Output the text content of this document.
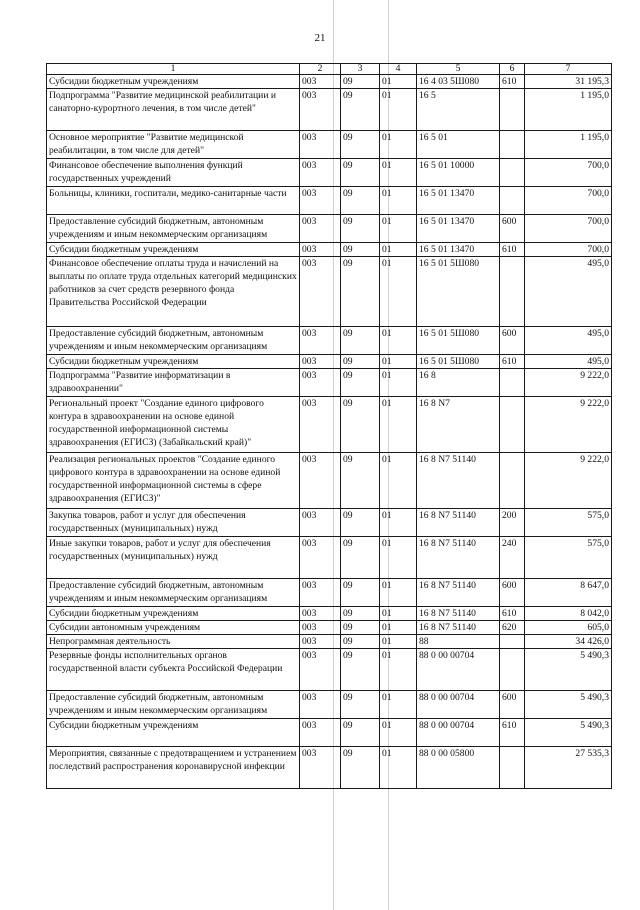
21
1	2	3	4	5	6	7
Субсидии бюджетным учреждениям	003	09	01	16 4 03 5Ш080	610	31 195,3
Подпрограмма "Развитие медицинской реабилитации и санаторно-курортного лечения, в том числе детей"	003	09	01	16 5		1 195,0
Основное мероприятие "Развитие медицинской реабилитации, в том числе для детей"	003	09	01	16 5 01		1 195,0
Финансовое обеспечение выполнения функций государственных учреждений	003	09	01	16 5 01 10000		700,0
Больницы, клиники, госпитали, медико-санитарные части	003	09	01	16 5 01 13470		700,0
Предоставление субсидий бюджетным, автономным учреждениям и иным некоммерческим организациям	003	09	01	16 5 01 13470	600	700,0
Субсидии бюджетным учреждениям	003	09	01	16 5 01 13470	610	700,0
Финансовое обеспечение оплаты труда и начислений на выплаты по оплате труда отдельных категорий медицинских работников за счет средств резервного фонда Правительства Российской Федерации	003	09	01	16 5 01 5Ш080		495,0
Предоставление субсидий бюджетным, автономным учреждениям и иным некоммерческим организациям	003	09	01	16 5 01 5Ш080	600	495,0
Субсидии бюджетным учреждениям	003	09	01	16 5 01 5Ш080	610	495,0
Подпрограмма "Развитие информатизации в здравоохранении"	003	09	01	16 8		9 222,0
Региональный проект "Создание единого цифрового контура в здравоохранении на основе единой государственной информационной системы здравоохранения (ЕГИСЗ) (Забайкальский край)"	003	09	01	16 8 N7		9 222,0
Реализация региональных проектов "Создание единого цифрового контура в здравоохранении на основе единой государственной информационной системы в сфере здравоохранения (ЕГИСЗ)"	003	09	01	16 8 N7 51140		9 222,0
Закупка товаров, работ и услуг для обеспечения государственных (муниципальных) нужд	003	09	01	16 8 N7 51140	200	575,0
Иные закупки товаров, работ и услуг для обеспечения государственных (муниципальных) нужд	003	09	01	16 8 N7 51140	240	575,0
Предоставление субсидий бюджетным, автономным учреждениям и иным некоммерческим организациям	003	09	01	16 8 N7 51140	600	8 647,0
Субсидии бюджетным учреждениям	003	09	01	16 8 N7 51140	610	8 042,0
Субсидии автономным учреждениям	003	09	01	16 8 N7 51140	620	605,0
Непрограммная деятельность	003	09	01	88		34 426,0
Резервные фонды исполнительных органов государственной власти субъекта Российской Федерации	003	09	01	88 0 00 00704		5 490,3
Предоставление субсидий бюджетным, автономным учреждениям и иным некоммерческим организациям	003	09	01	88 0 00 00704	600	5 490,3
Субсидии бюджетным учреждениям	003	09	01	88 0 00 00704	610	5 490,3
Мероприятия, связанные с предотвращением и устранением последствий распространения коронавирусной инфекции	003	09	01	88 0 00 05800		27 535,3
